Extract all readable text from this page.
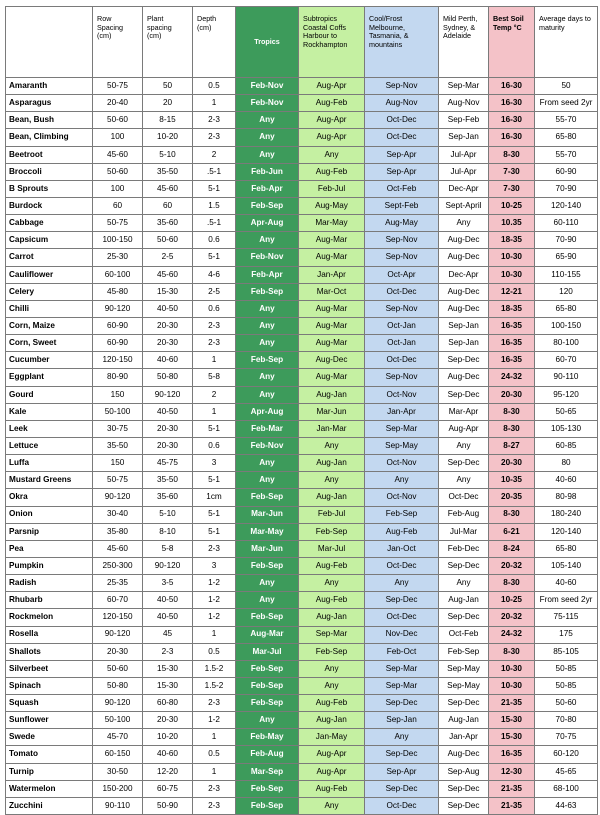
	Row Spacing (cm)	Plant spacing (cm)	Depth (cm)	Tropics	Subtropics Coastal Coffs Harbour to Rockhampton	Cool/Frost Melbourne, Tasmania, & mountains	Mild Perth, Sydney, & Adelaide	Best Soil Temp °C	Average days to maturity
Amaranth	50-75	50	0.5	Feb-Nov	Aug-Apr	Sep-Nov	Sep-Mar	16-30	50
Asparagus	20-40	20	1	Feb-Nov	Aug-Feb	Aug-Nov	Aug-Nov	16-30	From seed 2yr
Bean, Bush	50-60	8-15	2-3	Any	Aug-Apr	Oct-Dec	Sep-Feb	16-30	55-70
Bean, Climbing	100	10-20	2-3	Any	Aug-Apr	Oct-Dec	Sep-Jan	16-30	65-80
Beetroot	45-60	5-10	2	Any	Any	Sep-Apr	Jul-Apr	8-30	55-70
Broccoli	50-60	35-50	.5-1	Feb-Jun	Aug-Feb	Sep-Apr	Jul-Apr	7-30	60-90
B Sprouts	100	45-60	5-1	Feb-Apr	Feb-Jul	Oct-Feb	Dec-Apr	7-30	70-90
Burdock	60	60	1.5	Feb-Sep	Aug-May	Sept-Feb	Sept-April	10-25	120-140
Cabbage	50-75	35-60	.5-1	Apr-Aug	Mar-May	Aug-May	Any	10.35	60-110
Capsicum	100-150	50-60	0.6	Any	Aug-Mar	Sep-Nov	Aug-Dec	18-35	70-90
Carrot	25-30	2-5	5-1	Feb-Nov	Aug-Mar	Sep-Nov	Aug-Dec	10-30	65-90
Cauliflower	60-100	45-60	4-6	Feb-Apr	Jan-Apr	Oct-Apr	Dec-Apr	10-30	110-155
Celery	45-80	15-30	2-5	Feb-Sep	Mar-Oct	Oct-Dec	Aug-Dec	12-21	120
Chilli	90-120	40-50	0.6	Any	Aug-Mar	Sep-Nov	Aug-Dec	18-35	65-80
Corn, Maize	60-90	20-30	2-3	Any	Aug-Mar	Oct-Jan	Sep-Jan	16-35	100-150
Corn, Sweet	60-90	20-30	2-3	Any	Aug-Mar	Oct-Jan	Sep-Jan	16-35	80-100
Cucumber	120-150	40-60	1	Feb-Sep	Aug-Dec	Oct-Dec	Sep-Dec	16-35	60-70
Eggplant	80-90	50-80	5-8	Any	Aug-Mar	Sep-Nov	Aug-Dec	24-32	90-110
Gourd	150	90-120	2	Any	Aug-Jan	Oct-Nov	Sep-Dec	20-30	95-120
Kale	50-100	40-50	1	Apr-Aug	Mar-Jun	Jan-Apr	Mar-Apr	8-30	50-65
Leek	30-75	20-30	5-1	Feb-Mar	Jan-Mar	Sep-Mar	Aug-Apr	8-30	105-130
Lettuce	35-50	20-30	0.6	Feb-Nov	Any	Sep-May	Any	8-27	60-85
Luffa	150	45-75	3	Any	Aug-Jan	Oct-Nov	Sep-Dec	20-30	80
Mustard Greens	50-75	35-50	5-1	Any	Any	Any	Any	10-35	40-60
Okra	90-120	35-60	1cm	Feb-Sep	Aug-Jan	Oct-Nov	Oct-Dec	20-35	80-98
Onion	30-40	5-10	5-1	Mar-Jun	Feb-Jul	Feb-Sep	Feb-Aug	8-30	180-240
Parsnip	35-80	8-10	5-1	Mar-May	Feb-Sep	Aug-Feb	Jul-Mar	6-21	120-140
Pea	45-60	5-8	2-3	Mar-Jun	Mar-Jul	Jan-Oct	Feb-Dec	8-24	65-80
Pumpkin	250-300	90-120	3	Feb-Sep	Aug-Feb	Oct-Dec	Sep-Dec	20-32	105-140
Radish	25-35	3-5	1-2	Any	Any	Any	Any	8-30	40-60
Rhubarb	60-70	40-50	1-2	Any	Aug-Feb	Sep-Dec	Aug-Jan	10-25	From seed 2yr
Rockmelon	120-150	40-50	1-2	Feb-Sep	Aug-Jan	Oct-Dec	Sep-Dec	20-32	75-115
Rosella	90-120	45	1	Aug-Mar	Sep-Mar	Nov-Dec	Oct-Feb	24-32	175
Shallots	20-30	2-3	0.5	Mar-Jul	Feb-Sep	Feb-Oct	Feb-Sep	8-30	85-105
Silverbeet	50-60	15-30	1.5-2	Feb-Sep	Any	Sep-Mar	Sep-May	10-30	50-85
Spinach	50-80	15-30	1.5-2	Feb-Sep	Any	Sep-Mar	Sep-May	10-30	50-85
Squash	90-120	60-80	2-3	Feb-Sep	Aug-Feb	Sep-Dec	Sep-Dec	21-35	50-60
Sunflower	50-100	20-30	1-2	Any	Aug-Jan	Sep-Jan	Aug-Jan	15-30	70-80
Swede	45-70	10-20	1	Feb-May	Jan-May	Any	Jan-Apr	15-30	70-75
Tomato	60-150	40-60	0.5	Feb-Aug	Aug-Apr	Sep-Dec	Aug-Dec	16-35	60-120
Turnip	30-50	12-20	1	Mar-Sep	Aug-Apr	Sep-Apr	Sep-Aug	12-30	45-65
Watermelon	150-200	60-75	2-3	Feb-Sep	Aug-Feb	Sep-Dec	Sep-Dec	21-35	68-100
Zucchini	90-110	50-90	2-3	Feb-Sep	Any	Oct-Dec	Sep-Dec	21-35	44-63
